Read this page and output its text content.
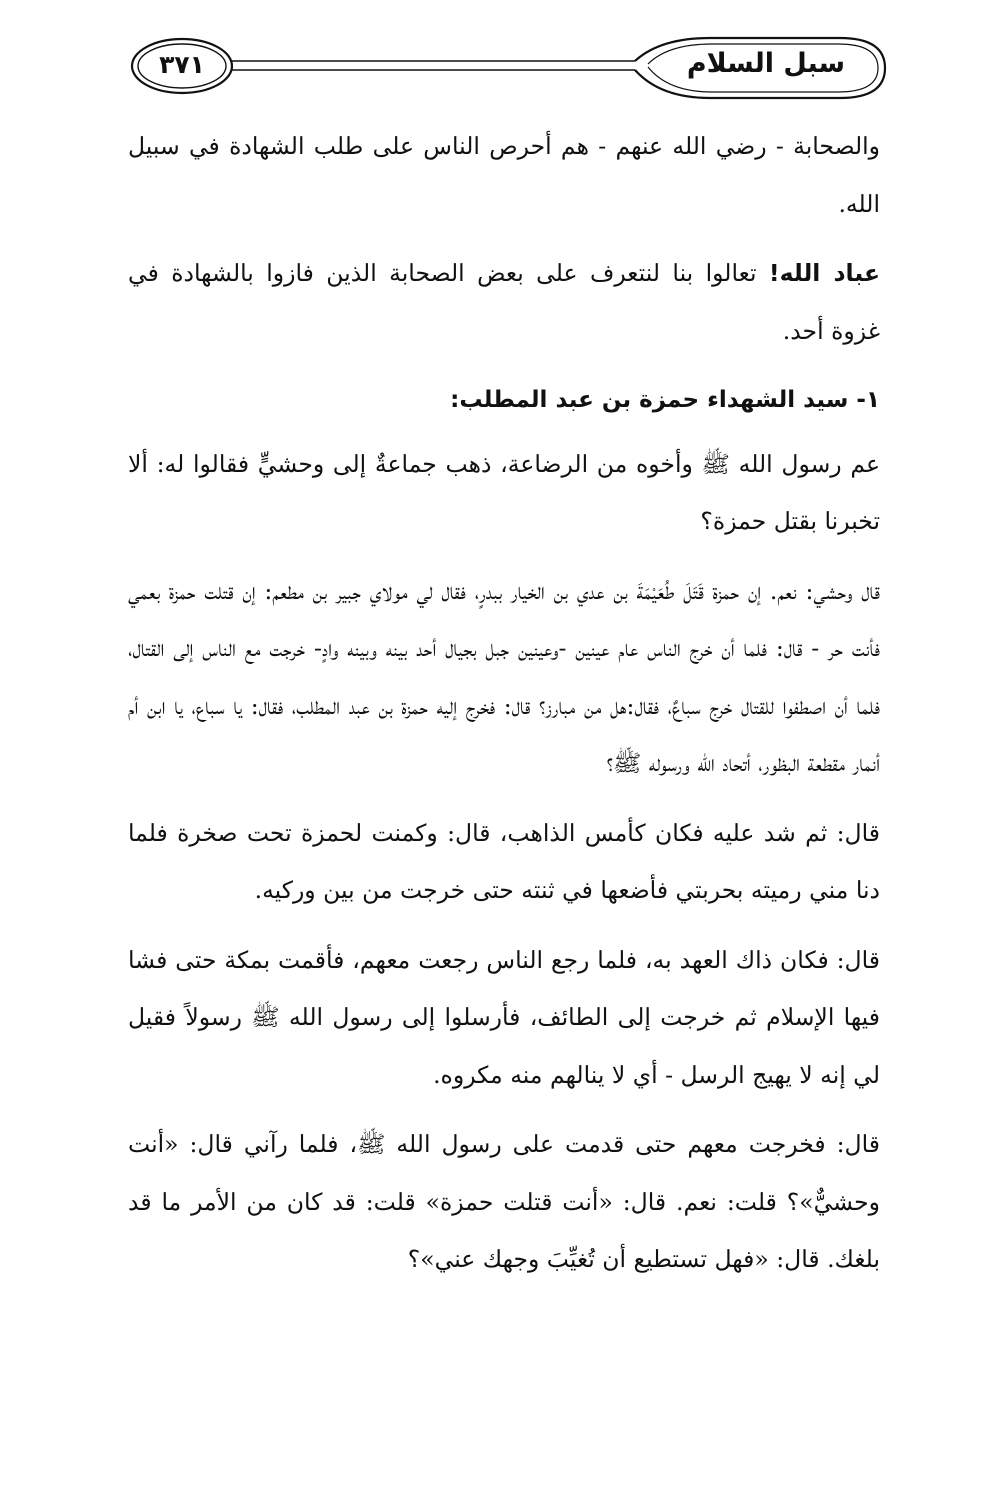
سبل السلام
٣٧١

والصحابة - رضي الله عنهم - هم أحرص الناس على طلب الشهادة في سبيل الله.

عباد الله! تعالوا بنا لنتعرف على بعض الصحابة الذين فازوا بالشهادة في غزوة أحد.

١- سيد الشهداء حمزة بن عبد المطلب:

عم رسول الله ﷺ وأخوه من الرضاعة، ذهب جماعةٌ إلى وحشيٍّ فقالوا له: ألا تخبرنا بقتل حمزة؟

قال وحشي: نعم. إن حمزة قَتَلَ طُعَيْمَةَ بن عدي بن الخيار ببدرٍ، فقال لي مولاي جبير بن مطعم: إن قتلت حمزة بعمي فأنت حر - قال: فلما أن خرج الناس عام عينين -وعينين جبل بجيال أحد بينه وبينه وادٍ- خرجت مع الناس إلى القتال، فلما أن اصطفوا للقتال خرج سباعٌ، فقال:هل من مبارز؟ قال: فخرج إليه حمزة بن عبد المطلب، فقال: يا سباع، يا ابن أم أنمار مقطعة البظور، أتحاد الله ورسوله ﷺ؟

قال: ثم شد عليه فكان كأمس الذاهب، قال: وكمنت لحمزة تحت صخرة فلما دنا مني رميته بحربتي فأضعها في ثنته حتى خرجت من بين وركيه.

قال: فكان ذاك العهد به، فلما رجع الناس رجعت معهم، فأقمت بمكة حتى فشا فيها الإسلام ثم خرجت إلى الطائف، فأرسلوا إلى رسول الله ﷺ رسولاً فقيل لي إنه لا يهيج الرسل - أي لا ينالهم منه مكروه.

قال: فخرجت معهم حتى قدمت على رسول الله ﷺ، فلما رآني قال: «أنت وحشيٌّ»؟ قلت: نعم. قال: «أنت قتلت حمزة» قلت: قد كان من الأمر ما قد بلغك. قال: «فهل تستطيع أن تُغيِّبَ وجهك عني»؟
